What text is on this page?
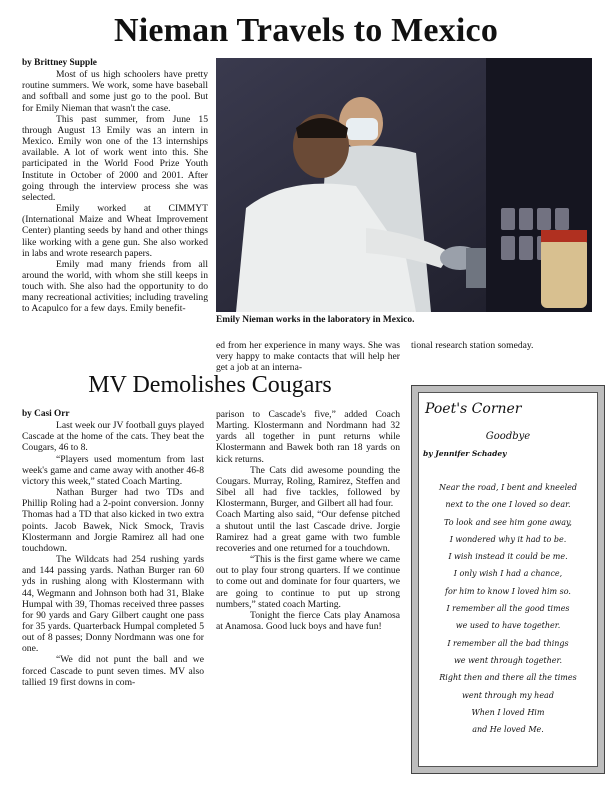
Nieman Travels to Mexico

by Brittney Supple

Most of us high schoolers have pretty routine summers. We work, some have baseball and softball and some just go to the pool. But for Emily Nieman that wasn't the case.

This past summer, from June 15 through August 13 Emily was an intern in Mexico. Emily won one of the 13 internships available. A lot of work went into this. She participated in the World Food Prize Youth Institute in October of 2000 and 2001. After going through the interview process she was selected.

Emily worked at CIMMYT (International Maize and Wheat Improvement Center) planting seeds by hand and other things like working with a gene gun. She also worked in labs and wrote research papers.

Emily mad many friends from all around the world, with whom she still keeps in touch with. She also had the opportunity to do many recreational activities; including traveling to Acapulco for a few days. Emily benefit-

Emily Nieman works in the laboratory in Mexico.

ed from her experience in many ways. She was very happy to make contacts that will help her get a job at an interna-

tional research station someday.

MV Demolishes Cougars

by Casi Orr

Last week our JV football guys played Cascade at the home of the cats. They beat the Cougars, 46 to 8.

“Players used momentum from last week's game and came away with another 46-8 victory this week,” stated Coach Marting.

Nathan Burger had two TDs and Phillip Roling had a 2-point conversion. Jonny Thomas had a TD that also kicked in two extra points. Jacob Bawek, Nick Smock, Travis Klostermann and Jorgie Ramirez all had one touchdown.

The Wildcats had 254 rushing yards and 144 passing yards. Nathan Burger ran 60 yds in rushing along with Klostermann with 44, Wegmann and Johnson both had 31, Blake Humpal with 39, Thomas received three passes for 90 yards and Gary Gilbert caught one pass for 35 yards. Quarterback Humpal completed 5 out of 8 passes; Donny Nordmann was one for one.

“We did not punt the ball and we forced Cascade to punt seven times. MV also tallied 19 first downs in com-

parison to Cascade's five,” added Coach Marting. Klostermann and Nordmann had 32 yards all together in punt returns while Klostermann and Bawek both ran 18 yards on kick returns.

The Cats did awesome pounding the Cougars. Murray, Roling, Ramirez, Steffen and Sibel all had five tackles, followed by Klostermann, Burger, and Gilbert all had four.

Coach Marting also said, “Our defense pitched a shutout until the last Cascade drive. Jorgie Ramirez had a great game with two fumble recoveries and one returned for a touchdown.

“This is the first game where we came out to play four strong quarters. If we continue to come out and dominate for four quarters, we are going to continue to put up strong numbers,” stated coach Marting.

Tonight the fierce Cats play Anamosa at Anamosa. Good luck boys and have fun!

Poet's Corner
Goodbye
by Jennifer Schadey
Near the road, I bent and kneeled
next to the one I loved so dear.
To look and see him gone away,
I wondered why it had to be.
I wish instead it could be me.
I only wish I had a chance,
for him to know I loved him so.
I remember all the good times
we used to have together.
I remember all the bad things
we went through together.
Right then and there all the times
went through my head
When I loved Him
and He loved Me.
